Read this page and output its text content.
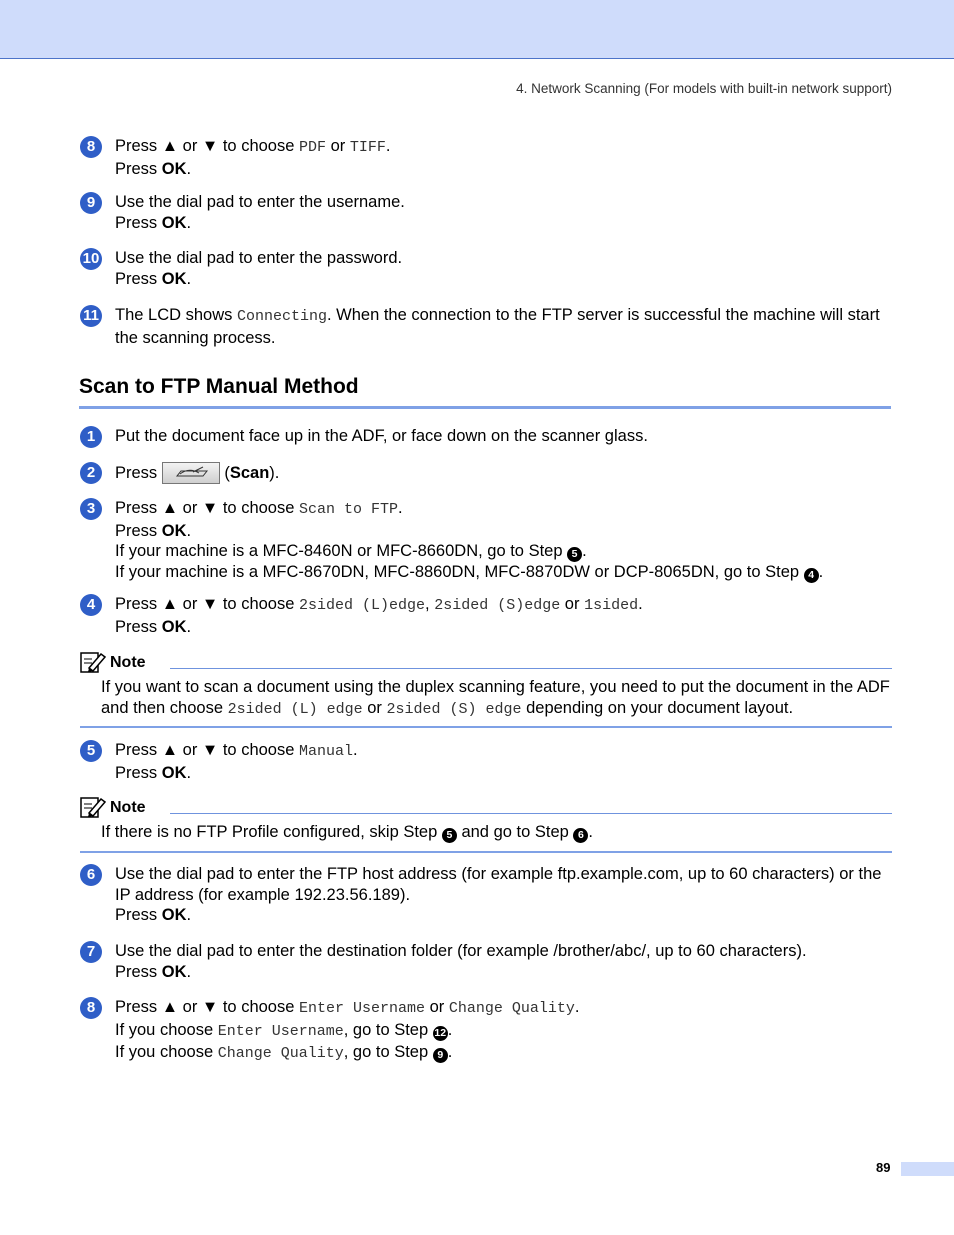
4. Network Scanning (For models with built-in network support)
8	Press ▲ or ▼ to choose PDF or TIFF.
Press OK.
9	Use the dial pad to enter the username.
Press OK.
10 Use the dial pad to enter the password.
Press OK.
11 The LCD shows Connecting. When the connection to the FTP server is successful the machine will start the scanning process.
Scan to FTP Manual Method
1	Put the document face up in the ADF, or face down on the scanner glass.
2	Press	(Scan).
3	Press ▲ or ▼ to choose Scan to FTP.
Press OK.
If your machine is a MFC-8460N or MFC-8660DN, go to Step 5 .
If your machine is a MFC-8670DN, MFC-8860DN, MFC-8870DW or DCP-8065DN, go to Step 4 .
4	Press ▲ or ▼ to choose 2sided (L)edge, 2sided (S)edge or 1sided.
Press OK.
Note
If you want to scan a document using the duplex scanning feature, you need to put the document in the ADF and then choose 2sided (L) edge or 2sided (S) edge depending on your document layout.
5	Press ▲ or ▼ to choose Manual.
Press OK.
Note
If there is no FTP Profile configured, skip Step 5 and go to Step 6 .
6	Use the dial pad to enter the FTP host address (for example ftp.example.com, up to 60 characters) or the IP address (for example 192.23.56.189).
Press OK.
7	Use the dial pad to enter the destination folder (for example /brother/abc/, up to 60 characters).
Press OK.
8	Press ▲ or ▼ to choose Enter Username or Change Quality.
If you choose Enter Username, go to Step 12 .
If you choose Change Quality, go to Step 9 .
89
